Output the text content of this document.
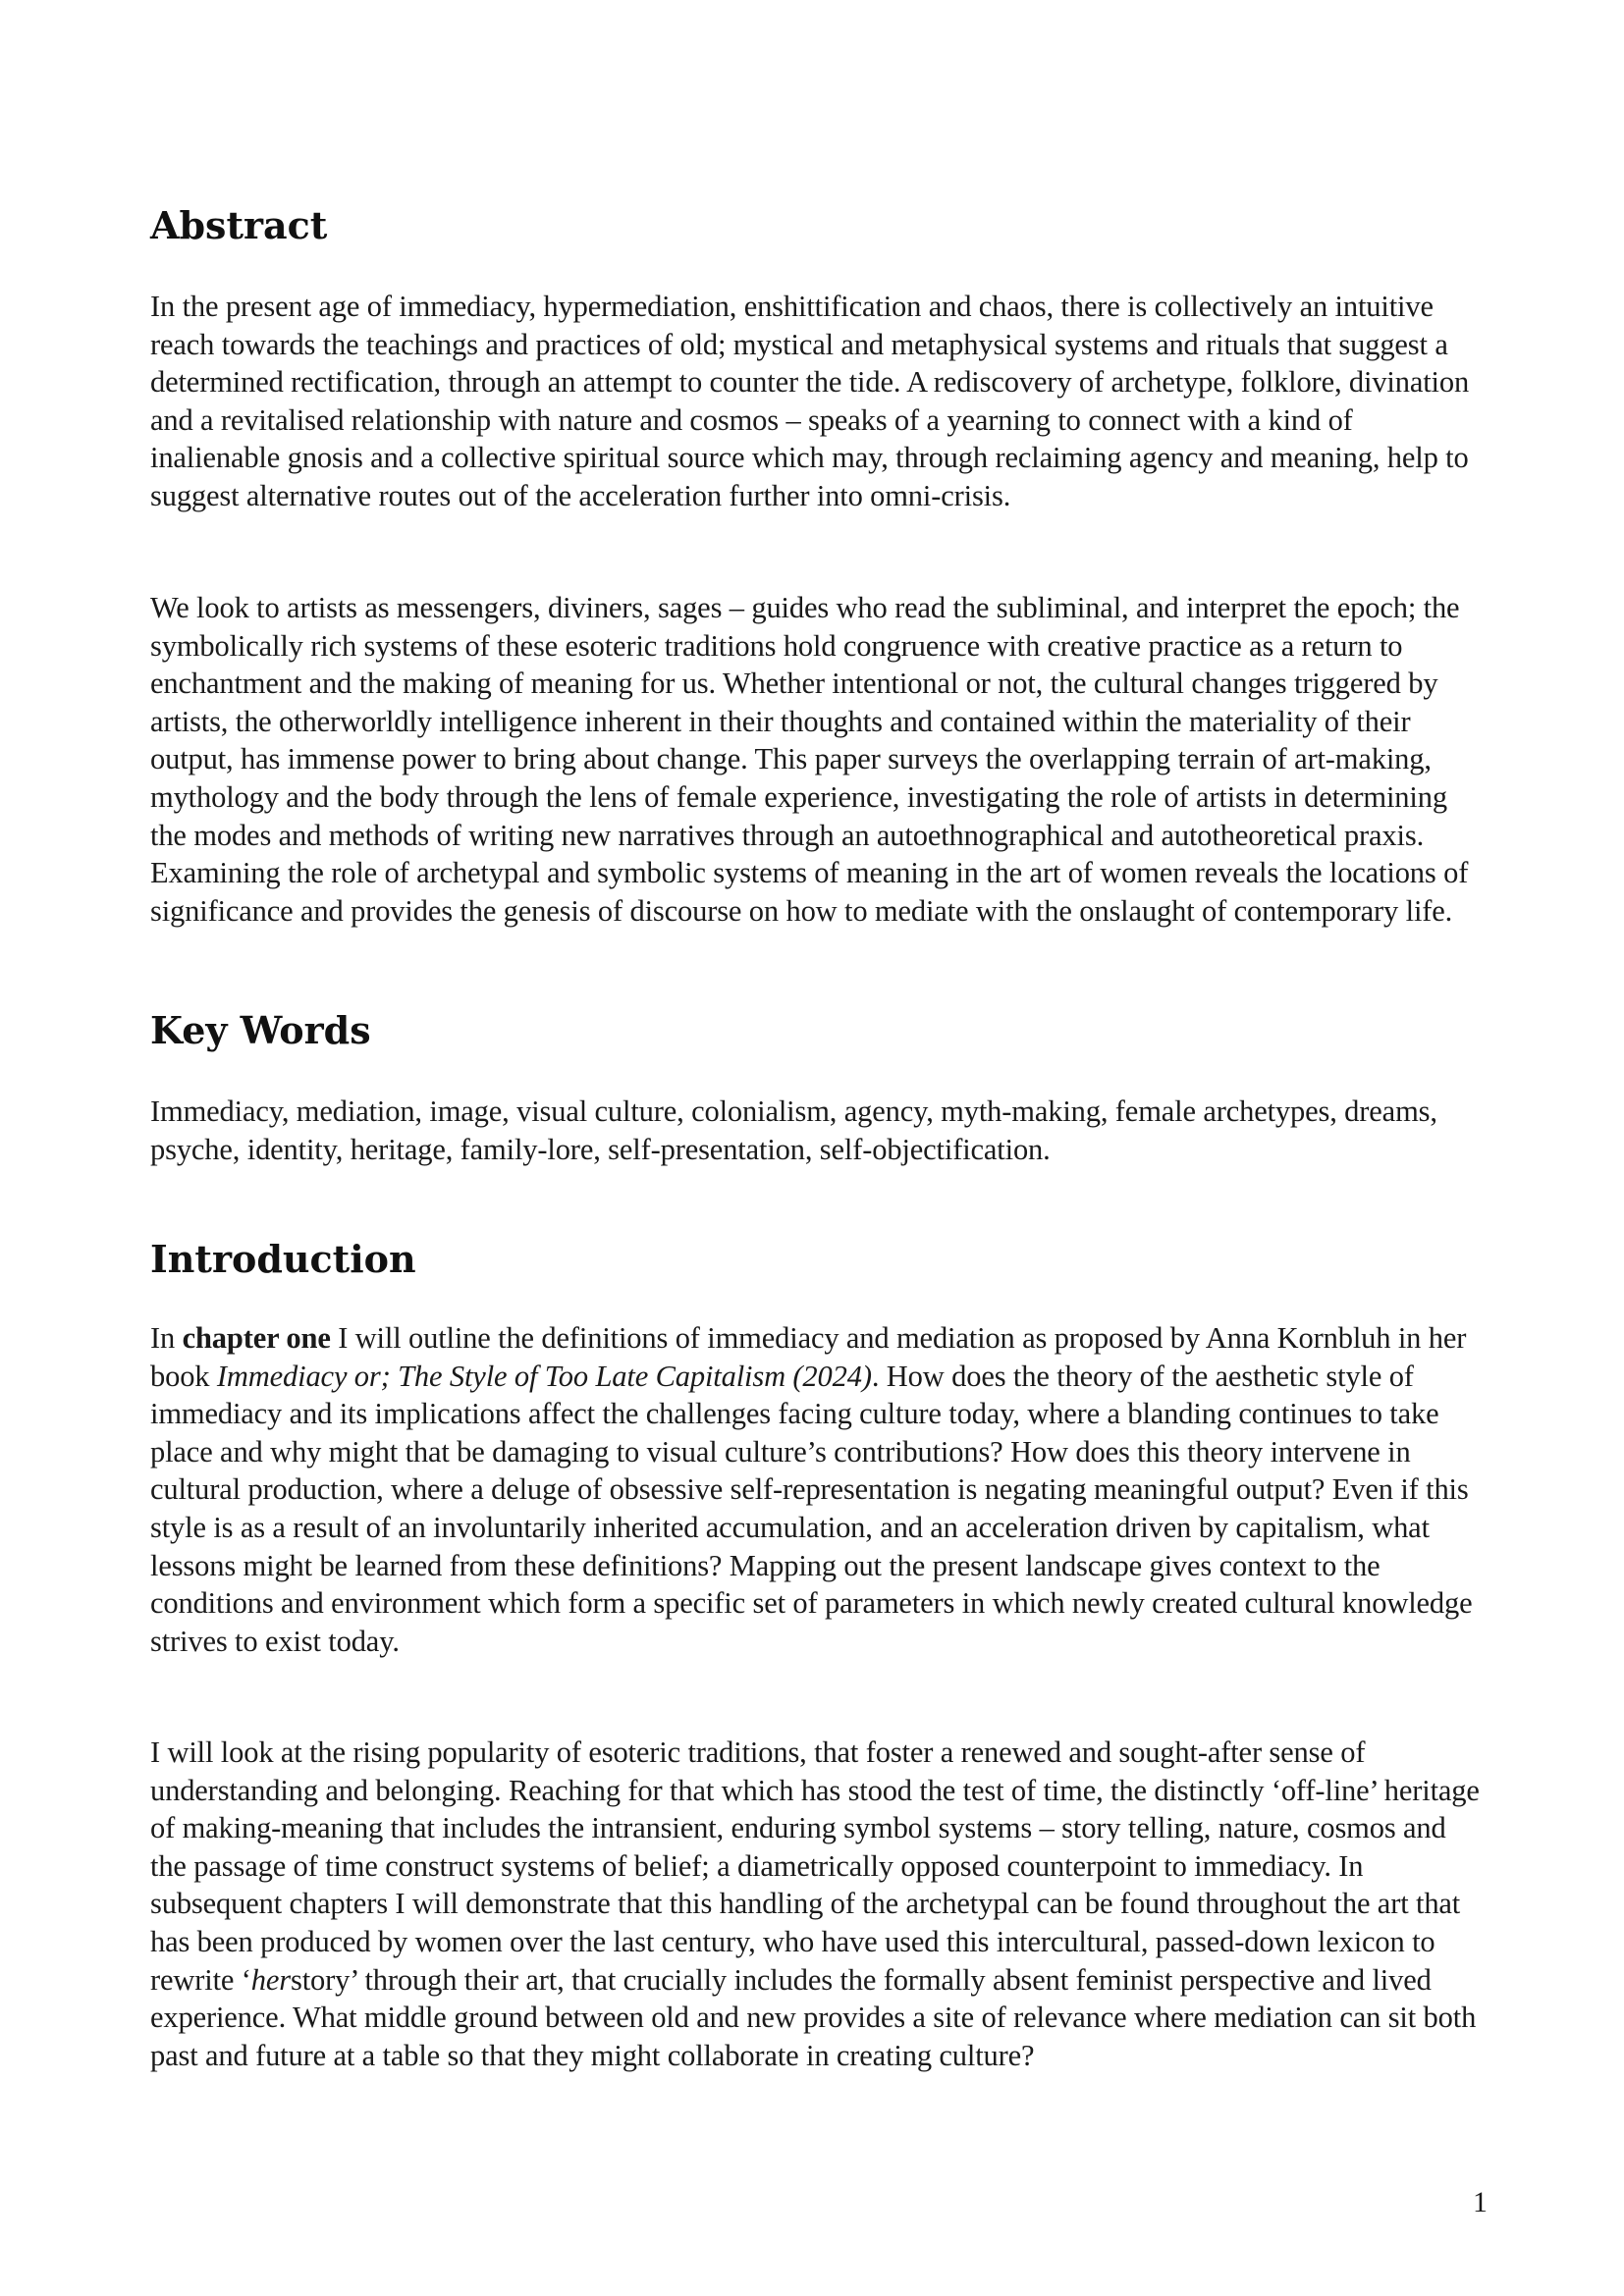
Abstract

In the present age of immediacy, hypermediation, enshittification and chaos, there is collectively an intuitive reach towards the teachings and practices of old; mystical and metaphysical systems and rituals that suggest a determined rectification, through an attempt to counter the tide. A rediscovery of archetype, folklore, divination and a revitalised relationship with nature and cosmos – speaks of a yearning to connect with a kind of inalienable gnosis and a collective spiritual source which may, through reclaiming agency and meaning, help to suggest alternative routes out of the acceleration further into omni-crisis.

We look to artists as messengers, diviners, sages – guides who read the subliminal, and interpret the epoch; the symbolically rich systems of these esoteric traditions hold congruence with creative practice as a return to enchantment and the making of meaning for us. Whether intentional or not, the cultural changes triggered by artists, the otherworldly intelligence inherent in their thoughts and contained within the materiality of their output, has immense power to bring about change. This paper surveys the overlapping terrain of art-making, mythology and the body through the lens of female experience, investigating the role of artists in determining the modes and methods of writing new narratives through an autoethnographical and autotheoretical praxis. Examining the role of archetypal and symbolic systems of meaning in the art of women reveals the locations of significance and provides the genesis of discourse on how to mediate with the onslaught of contemporary life.

Key Words

Immediacy, mediation, image, visual culture, colonialism, agency, myth-making, female archetypes, dreams, psyche, identity, heritage, family-lore, self-presentation, self-objectification.

Introduction

In chapter one I will outline the definitions of immediacy and mediation as proposed by Anna Kornbluh in her book Immediacy or; The Style of Too Late Capitalism (2024). How does the theory of the aesthetic style of immediacy and its implications affect the challenges facing culture today, where a blanding continues to take place and why might that be damaging to visual culture’s contributions? How does this theory intervene in cultural production, where a deluge of obsessive self-representation is negating meaningful output? Even if this style is as a result of an involuntarily inherited accumulation, and an acceleration driven by capitalism, what lessons might be learned from these definitions? Mapping out the present landscape gives context to the conditions and environment which form a specific set of parameters in which newly created cultural knowledge strives to exist today.

I will look at the rising popularity of esoteric traditions, that foster a renewed and sought-after sense of understanding and belonging. Reaching for that which has stood the test of time, the distinctly ‘off-line’ heritage of making-meaning that includes the intransient, enduring symbol systems – story telling, nature, cosmos and the passage of time construct systems of belief; a diametrically opposed counterpoint to immediacy. In subsequent chapters I will demonstrate that this handling of the archetypal can be found throughout the art that has been produced by women over the last century, who have used this intercultural, passed-down lexicon to rewrite ‘herstory’ through their art, that crucially includes the formally absent feminist perspective and lived experience. What middle ground between old and new provides a site of relevance where mediation can sit both past and future at a table so that they might collaborate in creating culture?

1
